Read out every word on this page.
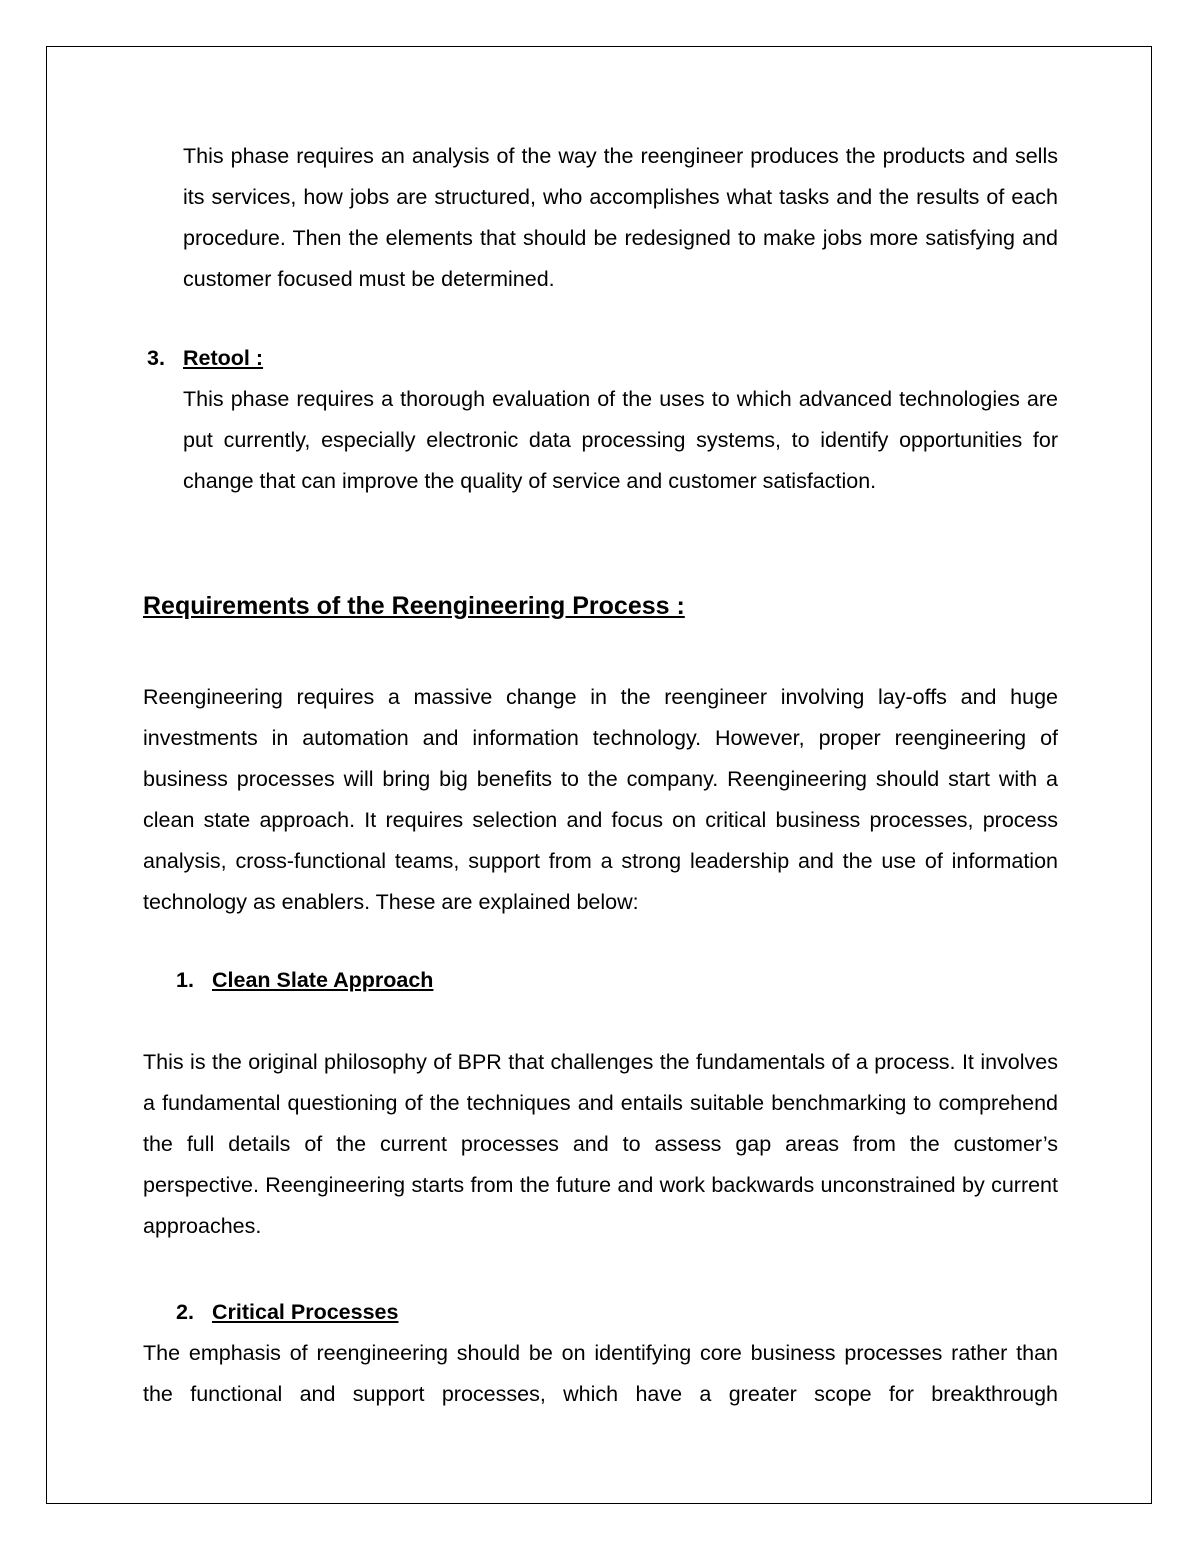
This phase requires an analysis of the way the reengineer produces the products and sells its services, how jobs are structured, who accomplishes what tasks and the results of each procedure. Then the elements that should be redesigned to make jobs more satisfying and customer focused must be determined.

3. Retool :

This phase requires a thorough evaluation of the uses to which advanced technologies are put currently, especially electronic data processing systems, to identify opportunities for change that can improve the quality of service and customer satisfaction.

Requirements of the Reengineering Process :

Reengineering requires a massive change in the reengineer involving lay-offs and huge investments in automation and information technology. However, proper reengineering of business processes will bring big benefits to the company. Reengineering should start with a clean state approach. It requires selection and focus on critical business processes, process analysis, cross-functional teams, support from a strong leadership and the use of information technology as enablers. These are explained below:

1. Clean Slate Approach

This is the original philosophy of BPR that challenges the fundamentals of a process. It involves a fundamental questioning of the techniques and entails suitable benchmarking to comprehend the full details of the current processes and to assess gap areas from the customer’s perspective. Reengineering starts from the future and work backwards unconstrained by current approaches.

2. Critical Processes

The emphasis of reengineering should be on identifying core business processes rather than the functional and support processes, which have a greater scope for breakthrough
